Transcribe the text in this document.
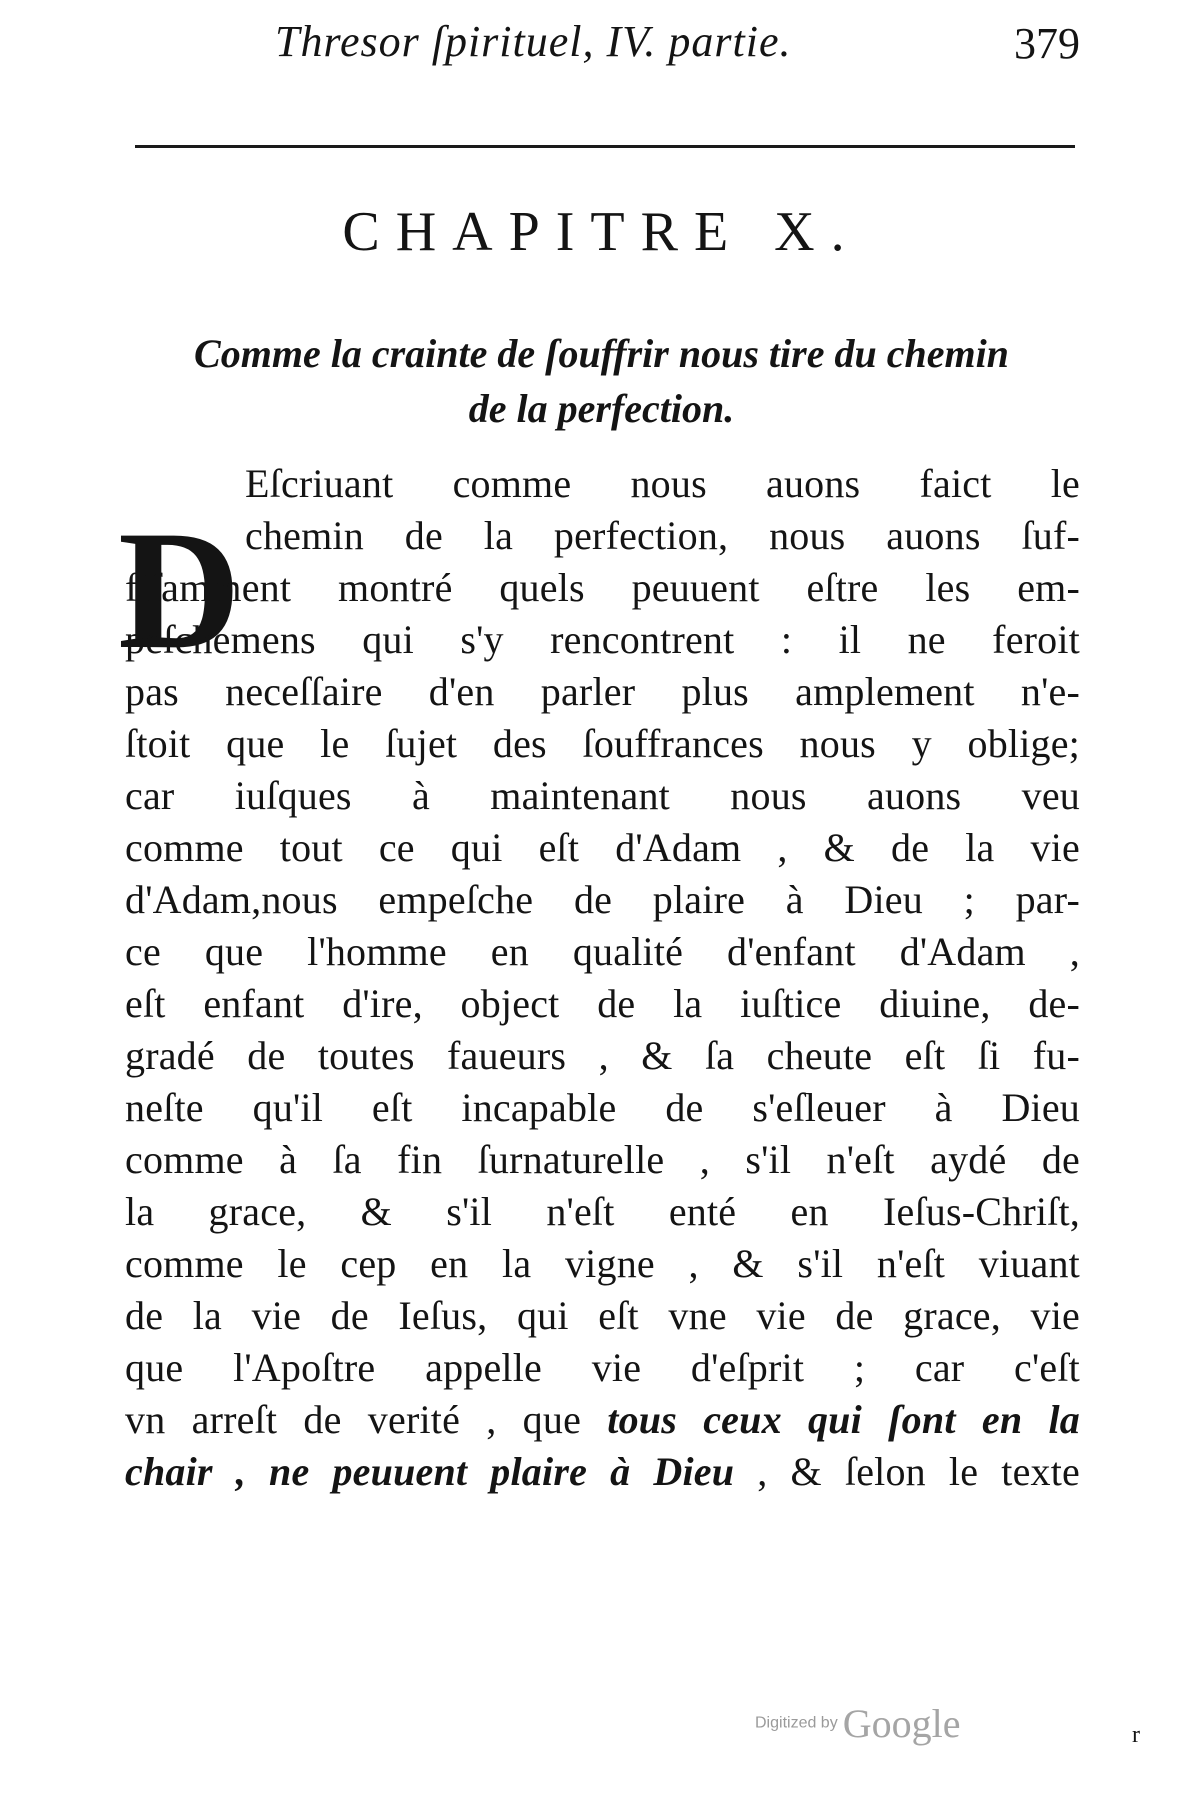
Thresor ſpirituel, IV. partie.	379
CHAPITRE X.
Comme la crainte de ſouffrir nous tire du chemin
de la perfection.
D
Eſcriuant comme nous auons faict le
chemin de la perfection, nous auons ſuf-
fiſamment montré quels peuuent eſtre les em-
peſchemens qui s'y rencontrent : il ne feroit
pas neceſſaire d'en parler plus amplement n'e-
ſtoit que le ſujet des ſouffrances nous y oblige;
car iuſques à maintenant nous auons veu
comme tout ce qui eſt d'Adam , & de la vie
d'Adam,nous empeſche de plaire à Dieu ; par-
ce que l'homme en qualité d'enfant d'Adam ,
eſt enfant d'ire, object de la iuſtice diuine, de-
gradé de toutes faueurs , & ſa cheute eſt ſi fu-
neſte qu'il eſt incapable de s'eſleuer à Dieu
comme à ſa fin ſurnaturelle , s'il n'eſt aydé de
la grace, & s'il n'eſt enté en Ieſus-Chriſt,
comme le cep en la vigne , & s'il n'eſt viuant
de la vie de Ieſus, qui eſt vne vie de grace, vie
que l'Apoſtre appelle vie d'eſprit ; car c'eſt
vn arreſt de verité , que tous ceux qui ſont en la
chair , ne peuuent plaire à Dieu , & ſelon le texte
Digitized by Google	r
